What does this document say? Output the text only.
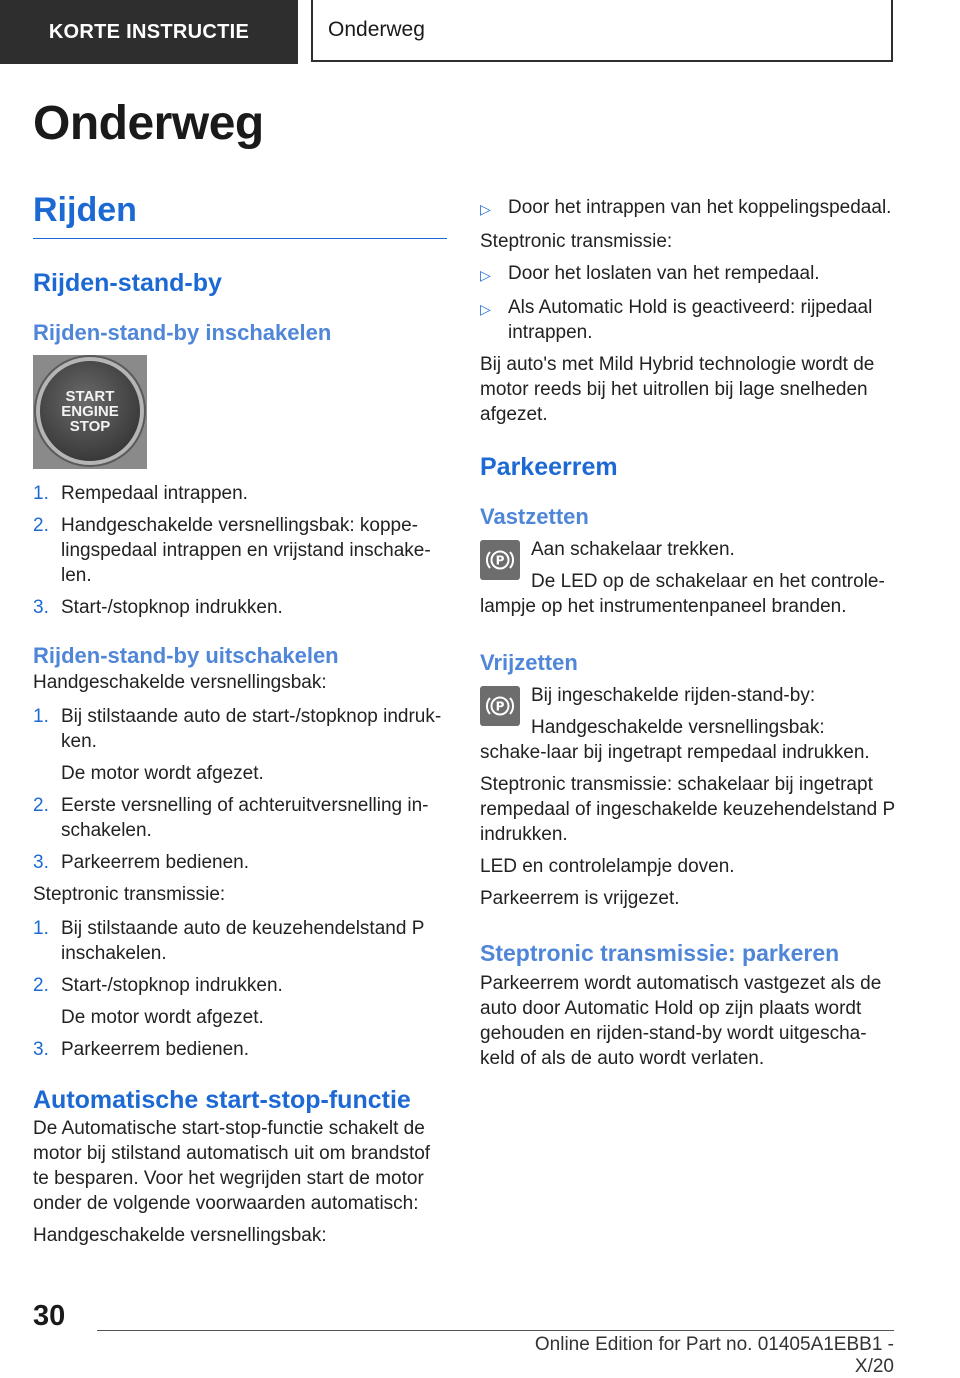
KORTE INSTRUCTIE	Onderweg
Onderweg
Rijden
Rijden-stand-by
Rijden-stand-by inschakelen
START
ENGINE
STOP
1. Rempedaal intrappen.
2. Handgeschakelde versnellingsbak: koppe-lingspedaal intrappen en vrijstand inschake-len.
3. Start-/stopknop indrukken.
Rijden-stand-by uitschakelen

Handgeschakelde versnellingsbak:

1. Bij stilstaande auto de start-/stopknop indruk-ken.

De motor wordt afgezet.

2. Eerste versnelling of achteruitversnelling in-schakelen.
3. Parkeerrem bedienen.

Steptronic transmissie:

1. Bij stilstaande auto de keuzehendelstand P inschakelen.
2. Start-/stopknop indrukken.

De motor wordt afgezet.

3. Parkeerrem bedienen.
Automatische start-stop-functie

De Automatische start-stop-functie schakelt de motor bij stilstand automatisch uit om brandstof te besparen. Voor het wegrijden start de motor onder de volgende voorwaarden automatisch:

Handgeschakelde versnellingsbak:

▷ Door het intrappen van het koppelingspedaal.

Steptronic transmissie:

▷ Door het loslaten van het rempedaal.
▷ Als Automatic Hold is geactiveerd: rijpedaal intrappen.

Bij auto's met Mild Hybrid technologie wordt de motor reeds bij het uitrollen bij lage snelheden afgezet.

Parkeerrem
Vastzetten
P

Aan schakelaar trekken.

De LED op de schakelaar en het controle-lampje op het instrumentenpaneel branden.

Vrijzetten
P

Bij ingeschakelde rijden-stand-by:

Handgeschakelde versnellingsbak: schake-laar bij ingetrapt rempedaal indrukken.

Steptronic transmissie: schakelaar bij ingetrapt rempedaal of ingeschakelde keuzehendelstand P indrukken.

LED en controlelampje doven.

Parkeerrem is vrijgezet.

Steptronic transmissie: parkeren

Parkeerrem wordt automatisch vastgezet als de auto door Automatic Hold op zijn plaats wordt gehouden en rijden-stand-by wordt uitgescha-keld of als de auto wordt verlaten.

30
Online Edition for Part no. 01405A1EBB1 - X/20
